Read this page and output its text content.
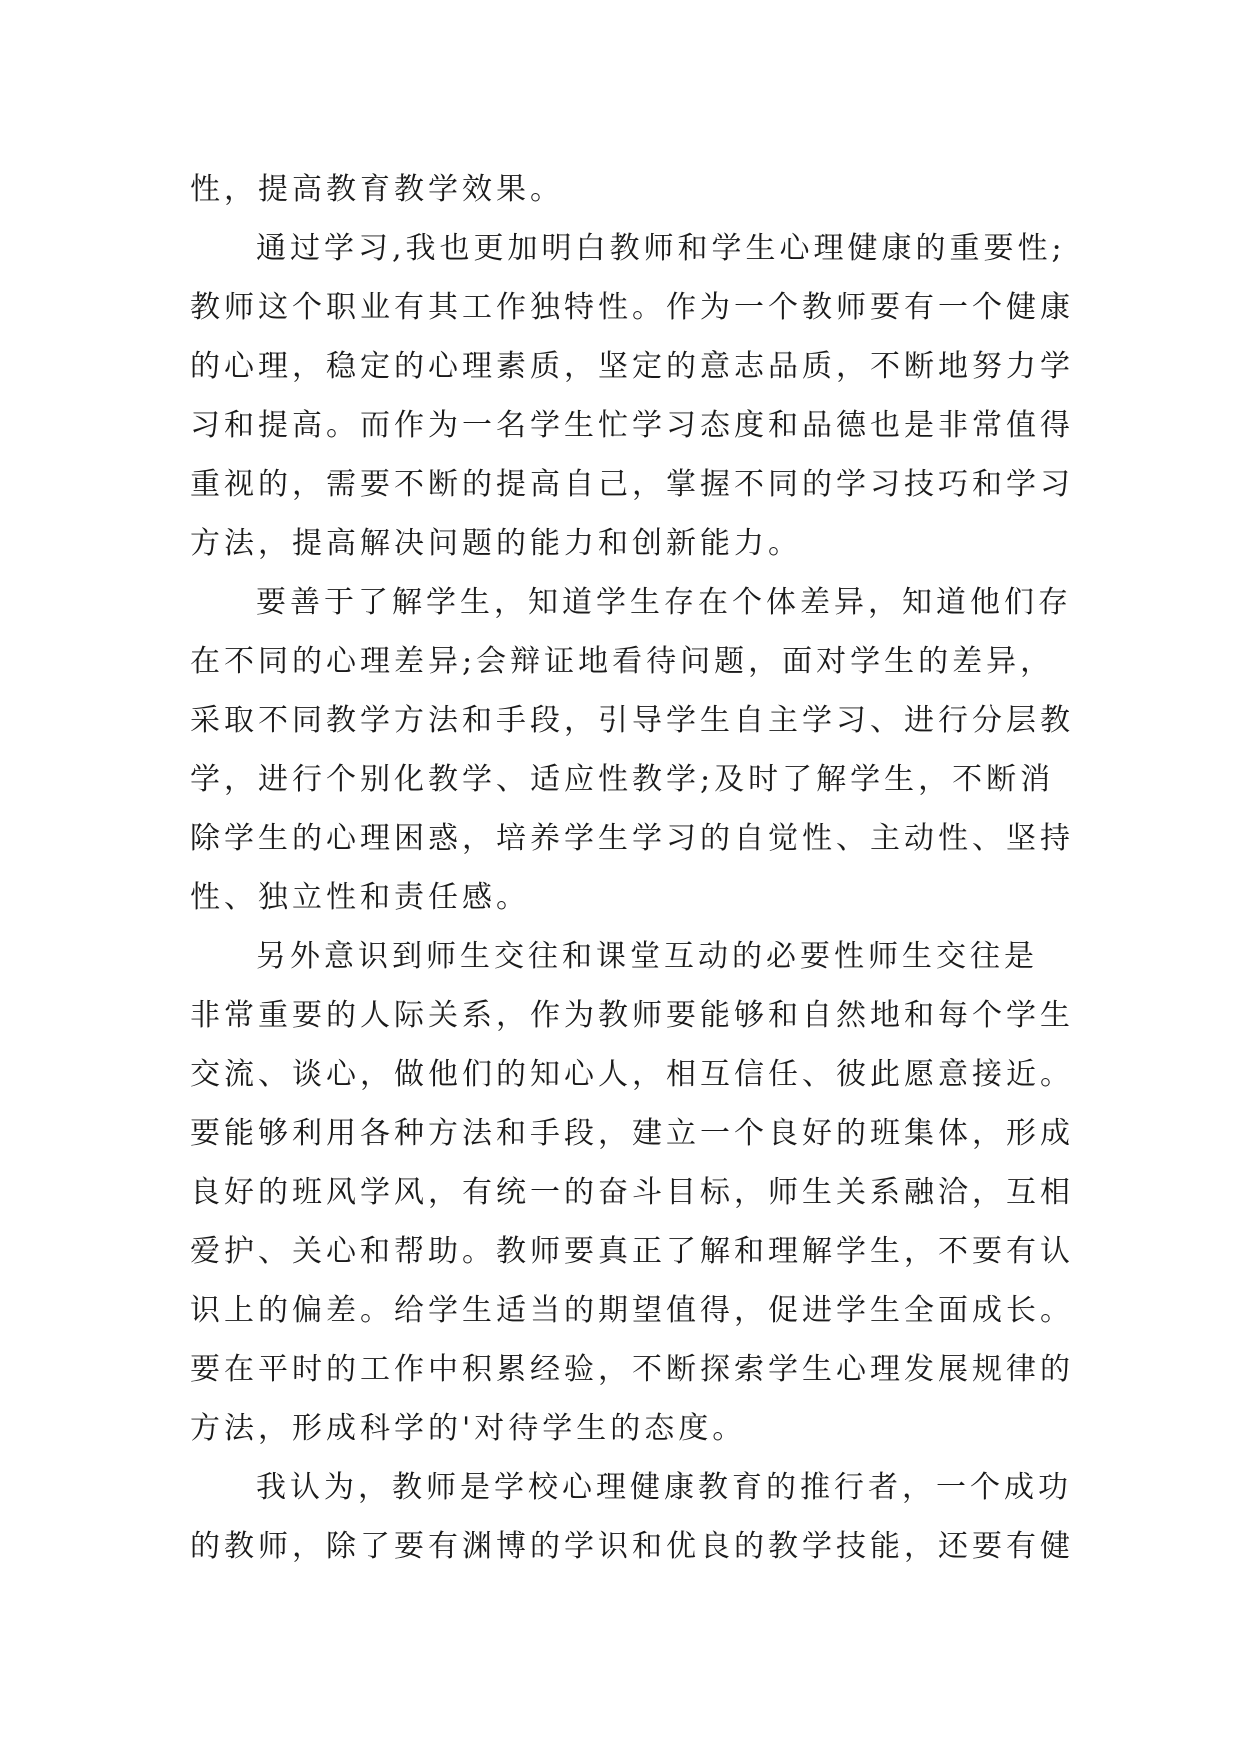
性，提高教育教学效果。
通过学习,我也更加明白教师和学生心理健康的重要性;
教师这个职业有其工作独特性。作为一个教师要有一个健康
的心理，稳定的心理素质，坚定的意志品质，不断地努力学
习和提高。而作为一名学生忙学习态度和品德也是非常值得
重视的，需要不断的提高自己，掌握不同的学习技巧和学习
方法，提高解决问题的能力和创新能力。
要善于了解学生，知道学生存在个体差异，知道他们存
在不同的心理差异;会辩证地看待问题，面对学生的差异，
采取不同教学方法和手段，引导学生自主学习、进行分层教
学，进行个别化教学、适应性教学;及时了解学生，不断消
除学生的心理困惑，培养学生学习的自觉性、主动性、坚持
性、独立性和责任感。
另外意识到师生交往和课堂互动的必要性师生交往是
非常重要的人际关系，作为教师要能够和自然地和每个学生
交流、谈心，做他们的知心人，相互信任、彼此愿意接近。
要能够利用各种方法和手段，建立一个良好的班集体，形成
良好的班风学风，有统一的奋斗目标，师生关系融洽，互相
爱护、关心和帮助。教师要真正了解和理解学生，不要有认
识上的偏差。给学生适当的期望值得，促进学生全面成长。
要在平时的工作中积累经验，不断探索学生心理发展规律的
方法，形成科学的'对待学生的态度。
我认为，教师是学校心理健康教育的推行者，一个成功
的教师，除了要有渊博的学识和优良的教学技能，还要有健
